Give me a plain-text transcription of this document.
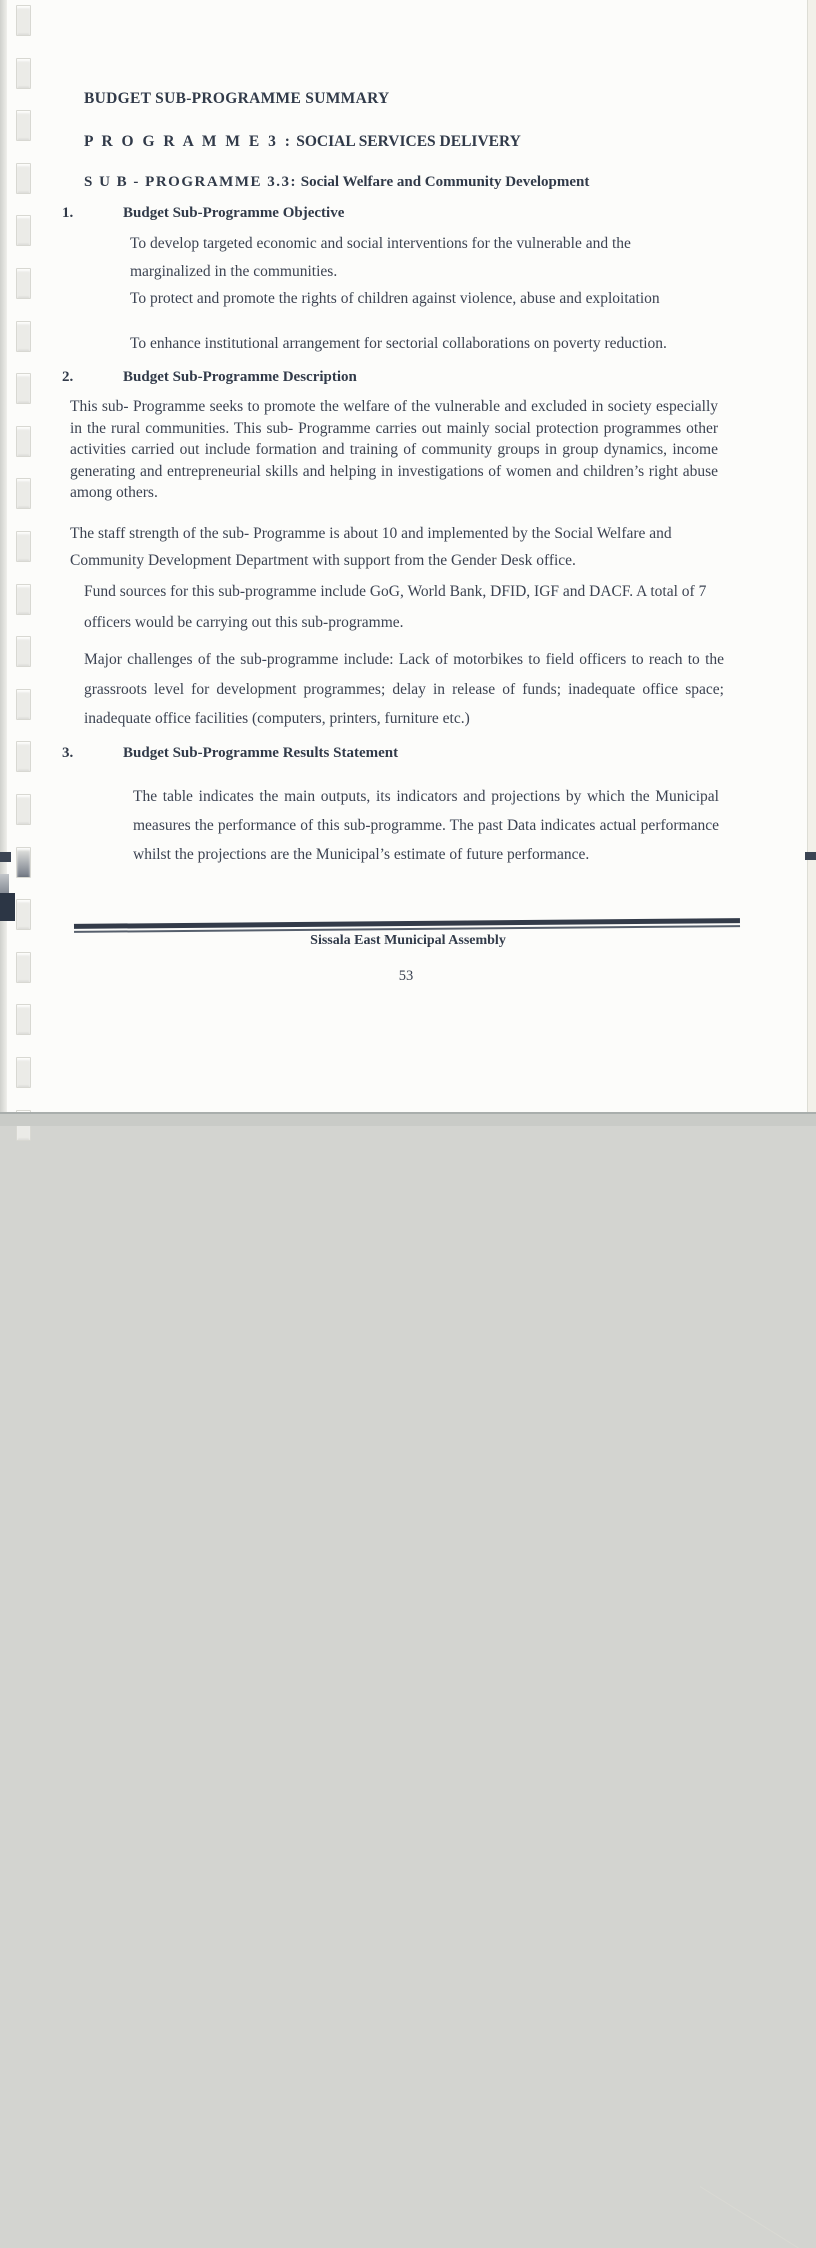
BUDGET SUB-PROGRAMME SUMMARY
P R O G R A M M E 3 : SOCIAL SERVICES DELIVERY
S U B - PROGRAMME 3.3: Social Welfare and Community Development
1.	Budget Sub-Programme Objective
To develop targeted economic and social interventions for the vulnerable and the marginalized in the communities.
To protect and promote the rights of children against violence, abuse and exploitation
To enhance institutional arrangement for sectorial collaborations on poverty reduction.
2.	Budget Sub-Programme Description
This sub- Programme seeks to promote the welfare of the vulnerable and excluded in society especially in the rural communities. This sub- Programme carries out mainly social protection programmes other activities carried out include formation and training of community groups in group dynamics, income generating and entrepreneurial skills and helping in investigations of women and children’s right abuse among others.
The staff strength of the sub- Programme is about 10 and implemented by the Social Welfare and Community Development Department with support from the Gender Desk office.
Fund sources for this sub-programme include GoG, World Bank, DFID, IGF and DACF. A total of 7 officers would be carrying out this sub-programme.
Major challenges of the sub-programme include: Lack of motorbikes to field officers to reach to the grassroots level for development programmes; delay in release of funds; inadequate office space; inadequate office facilities (computers, printers, furniture etc.)
3.	Budget Sub-Programme Results Statement
The table indicates the main outputs, its indicators and projections by which the Municipal measures the performance of this sub-programme. The past Data indicates actual performance whilst the projections are the Municipal’s estimate of future performance.
Sissala East Municipal Assembly
53
